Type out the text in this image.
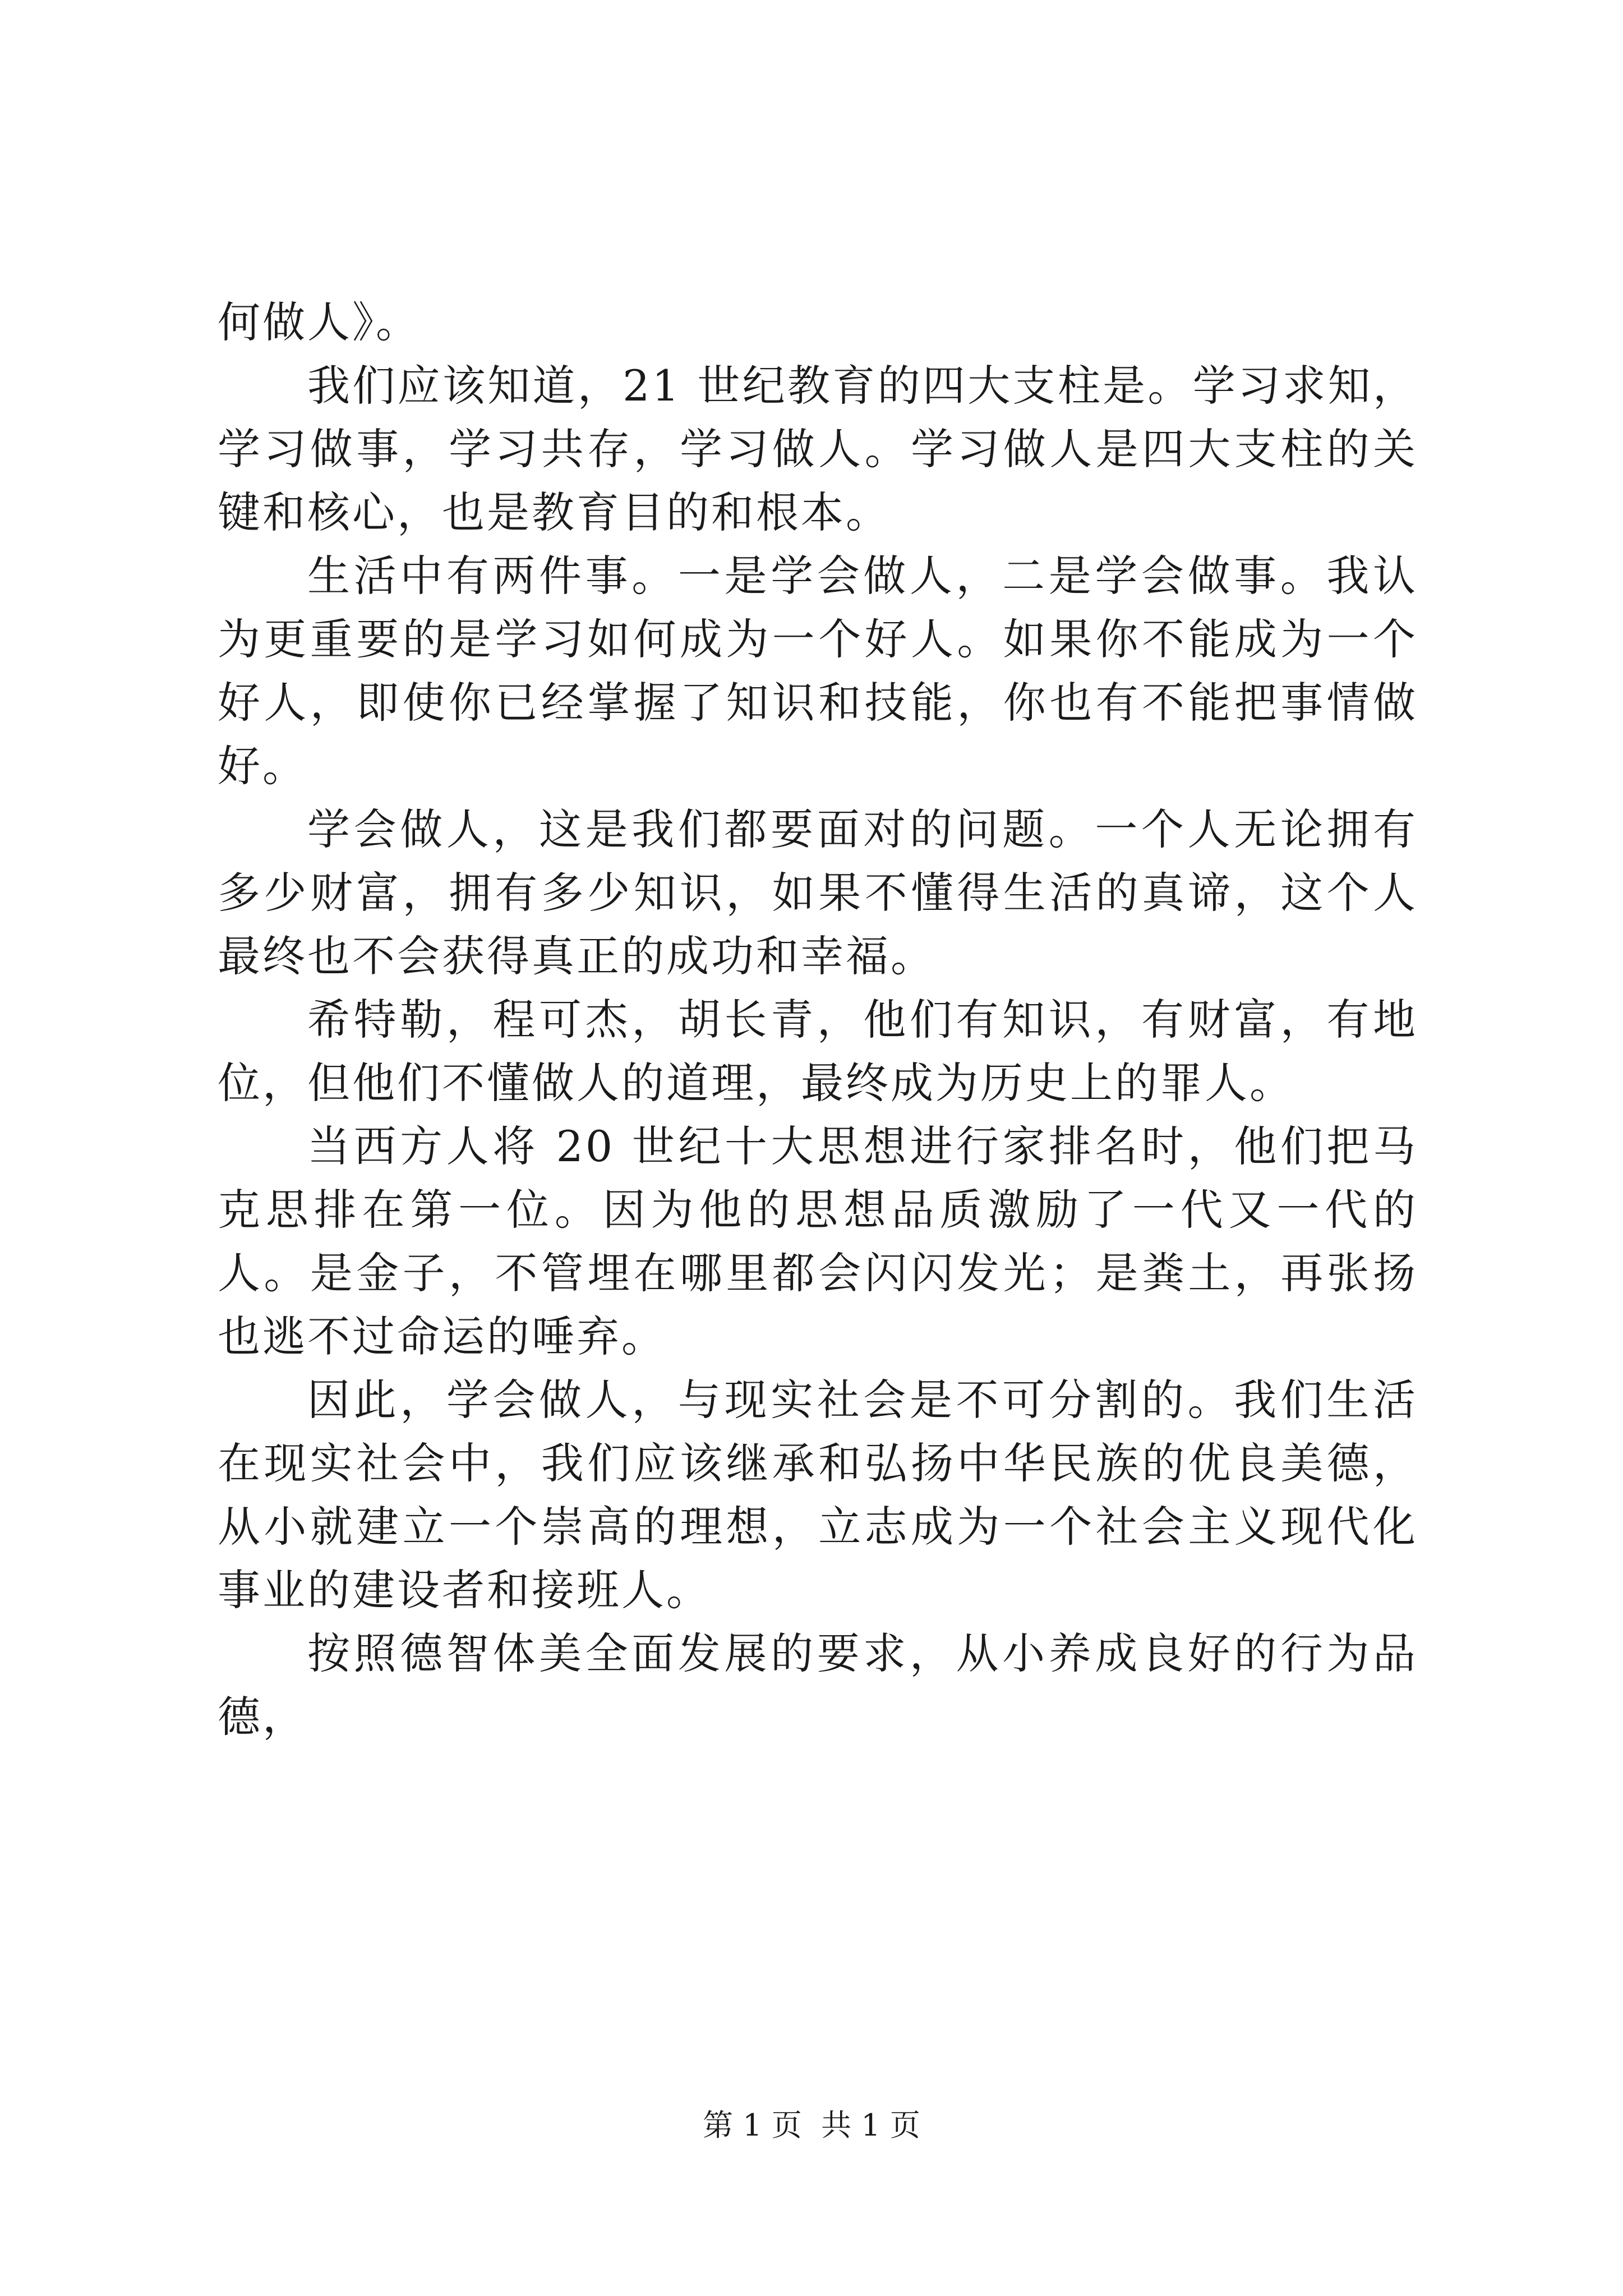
何做人》。

我们应该知道，21 世纪教育的四大支柱是。学习求知，学习做事，学习共存，学习做人。学习做人是四大支柱的关键和核心，也是教育目的和根本。

生活中有两件事。一是学会做人，二是学会做事。我认为更重要的是学习如何成为一个好人。如果你不能成为一个好人，即使你已经掌握了知识和技能，你也有不能把事情做好。

学会做人，这是我们都要面对的问题。一个人无论拥有多少财富，拥有多少知识，如果不懂得生活的真谛，这个人最终也不会获得真正的成功和幸福。

希特勒，程可杰，胡长青，他们有知识，有财富，有地位，但他们不懂做人的道理，最终成为历史上的罪人。

当西方人将 20 世纪十大思想进行家排名时，他们把马克思排在第一位。因为他的思想品质激励了一代又一代的人。是金子，不管埋在哪里都会闪闪发光；是粪土，再张扬也逃不过命运的唾弃。

因此，学会做人，与现实社会是不可分割的。我们生活在现实社会中，我们应该继承和弘扬中华民族的优良美德，从小就建立一个崇高的理想，立志成为一个社会主义现代化事业的建设者和接班人。

按照德智体美全面发展的要求，从小养成良好的行为品德，

第 1 页  共 1 页
